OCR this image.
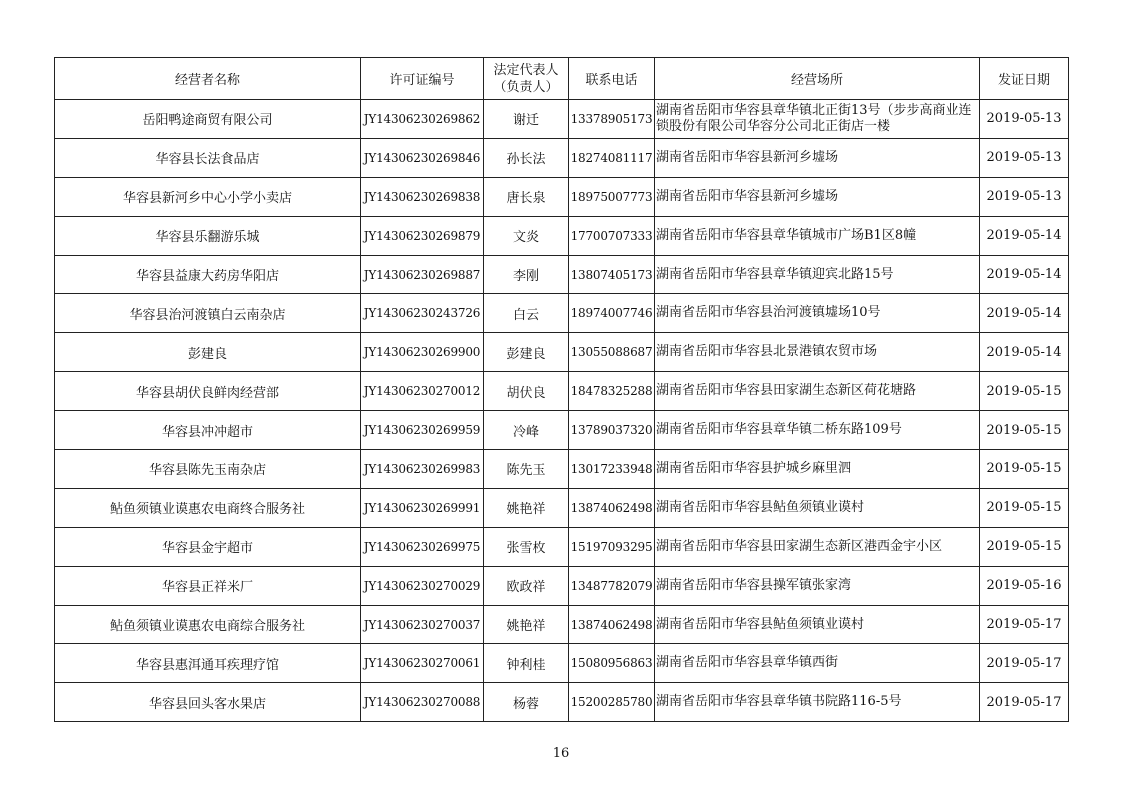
经营者名称	许可证编号	法定代表人（负责人）	联系电话	经营场所	发证日期
岳阳鸭途商贸有限公司	JY14306230269862	谢迁	13378905173	湖南省岳阳市华容县章华镇北正街13号（步步高商业连锁股份有限公司华容分公司北正街店一楼	2019-05-13
华容县长法食品店	JY14306230269846	孙长法	18274081117	湖南省岳阳市华容县新河乡墟场	2019-05-13
华容县新河乡中心小学小卖店	JY14306230269838	唐长泉	18975007773	湖南省岳阳市华容县新河乡墟场	2019-05-13
华容县乐翻游乐城	JY14306230269879	文炎	17700707333	湖南省岳阳市华容县章华镇城市广场B1区8幢	2019-05-14
华容县益康大药房华阳店	JY14306230269887	李刚	13807405173	湖南省岳阳市华容县章华镇迎宾北路15号	2019-05-14
华容县治河渡镇白云南杂店	JY14306230243726	白云	18974007746	湖南省岳阳市华容县治河渡镇墟场10号	2019-05-14
彭建良	JY14306230269900	彭建良	13055088687	湖南省岳阳市华容县北景港镇农贸市场	2019-05-14
华容县胡伏良鲜肉经营部	JY14306230270012	胡伏良	18478325288	湖南省岳阳市华容县田家湖生态新区荷花塘路	2019-05-15
华容县冲冲超市	JY14306230269959	冷峰	13789037320	湖南省岳阳市华容县章华镇二桥东路109号	2019-05-15
华容县陈先玉南杂店	JY14306230269983	陈先玉	13017233948	湖南省岳阳市华容县护城乡麻里泗	2019-05-15
鲇鱼须镇业谟惠农电商终合服务社	JY14306230269991	姚艳祥	13874062498	湖南省岳阳市华容县鲇鱼须镇业谟村	2019-05-15
华容县金宇超市	JY14306230269975	张雪枚	15197093295	湖南省岳阳市华容县田家湖生态新区港西金宇小区	2019-05-15
华容县正祥米厂	JY14306230270029	欧政祥	13487782079	湖南省岳阳市华容县操军镇张家湾	2019-05-16
鲇鱼须镇业谟惠农电商综合服务社	JY14306230270037	姚艳祥	13874062498	湖南省岳阳市华容县鲇鱼须镇业谟村	2019-05-17
华容县惠洱通耳疾理疗馆	JY14306230270061	钟利桂	15080956863	湖南省岳阳市华容县章华镇西街	2019-05-17
华容县回头客水果店	JY14306230270088	杨蓉	15200285780	湖南省岳阳市华容县章华镇书院路116-5号	2019-05-17
16
